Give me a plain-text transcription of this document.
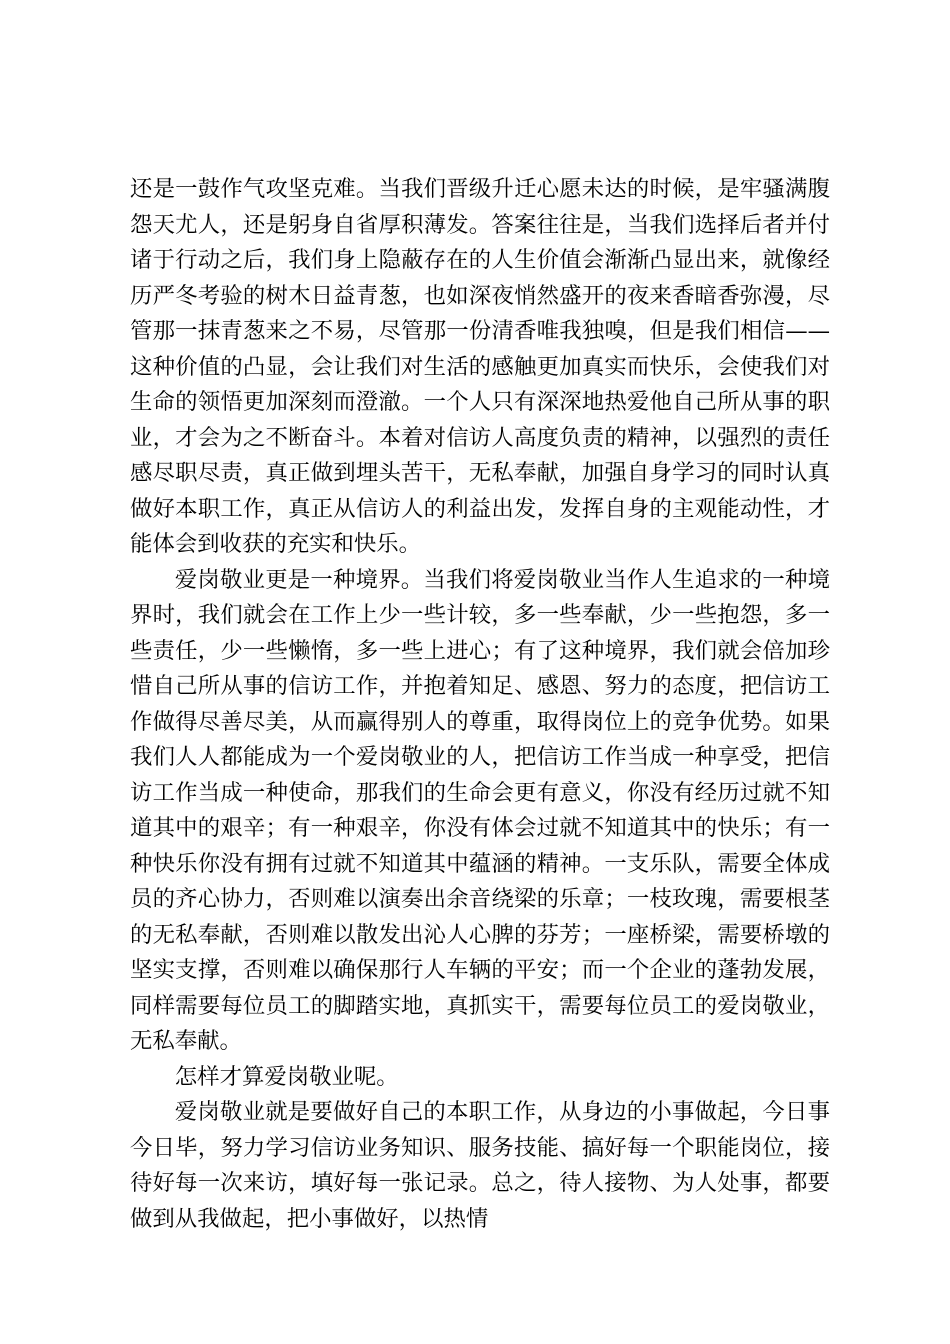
还是一鼓作气攻坚克难。当我们晋级升迁心愿未达的时候，是牢骚满腹怨天尤人，还是躬身自省厚积薄发。答案往往是，当我们选择后者并付诸于行动之后，我们身上隐蔽存在的人生价值会渐渐凸显出来，就像经历严冬考验的树木日益青葱，也如深夜悄然盛开的夜来香暗香弥漫，尽管那一抹青葱来之不易，尽管那一份清香唯我独嗅，但是我们相信——这种价值的凸显，会让我们对生活的感触更加真实而快乐，会使我们对生命的领悟更加深刻而澄澈。一个人只有深深地热爱他自己所从事的职业，才会为之不断奋斗。本着对信访人高度负责的精神，以强烈的责任感尽职尽责，真正做到埋头苦干，无私奉献，加强自身学习的同时认真做好本职工作，真正从信访人的利益出发，发挥自身的主观能动性，才能体会到收获的充实和快乐。

爱岗敬业更是一种境界。当我们将爱岗敬业当作人生追求的一种境界时，我们就会在工作上少一些计较，多一些奉献，少一些抱怨，多一些责任，少一些懒惰，多一些上进心；有了这种境界，我们就会倍加珍惜自己所从事的信访工作，并抱着知足、感恩、努力的态度，把信访工作做得尽善尽美，从而赢得别人的尊重，取得岗位上的竞争优势。如果我们人人都能成为一个爱岗敬业的人，把信访工作当成一种享受，把信访工作当成一种使命，那我们的生命会更有意义，你没有经历过就不知道其中的艰辛；有一种艰辛，你没有体会过就不知道其中的快乐；有一种快乐你没有拥有过就不知道其中蕴涵的精神。一支乐队，需要全体成员的齐心协力，否则难以演奏出余音绕梁的乐章；一枝玫瑰，需要根茎的无私奉献，否则难以散发出沁人心脾的芬芳；一座桥梁，需要桥墩的坚实支撑，否则难以确保那行人车辆的平安；而一个企业的蓬勃发展，同样需要每位员工的脚踏实地，真抓实干，需要每位员工的爱岗敬业，无私奉献。

怎样才算爱岗敬业呢。

爱岗敬业就是要做好自己的本职工作，从身边的小事做起，今日事今日毕，努力学习信访业务知识、服务技能、搞好每一个职能岗位，接待好每一次来访，填好每一张记录。总之，待人接物、为人处事，都要做到从我做起，把小事做好，以热情
